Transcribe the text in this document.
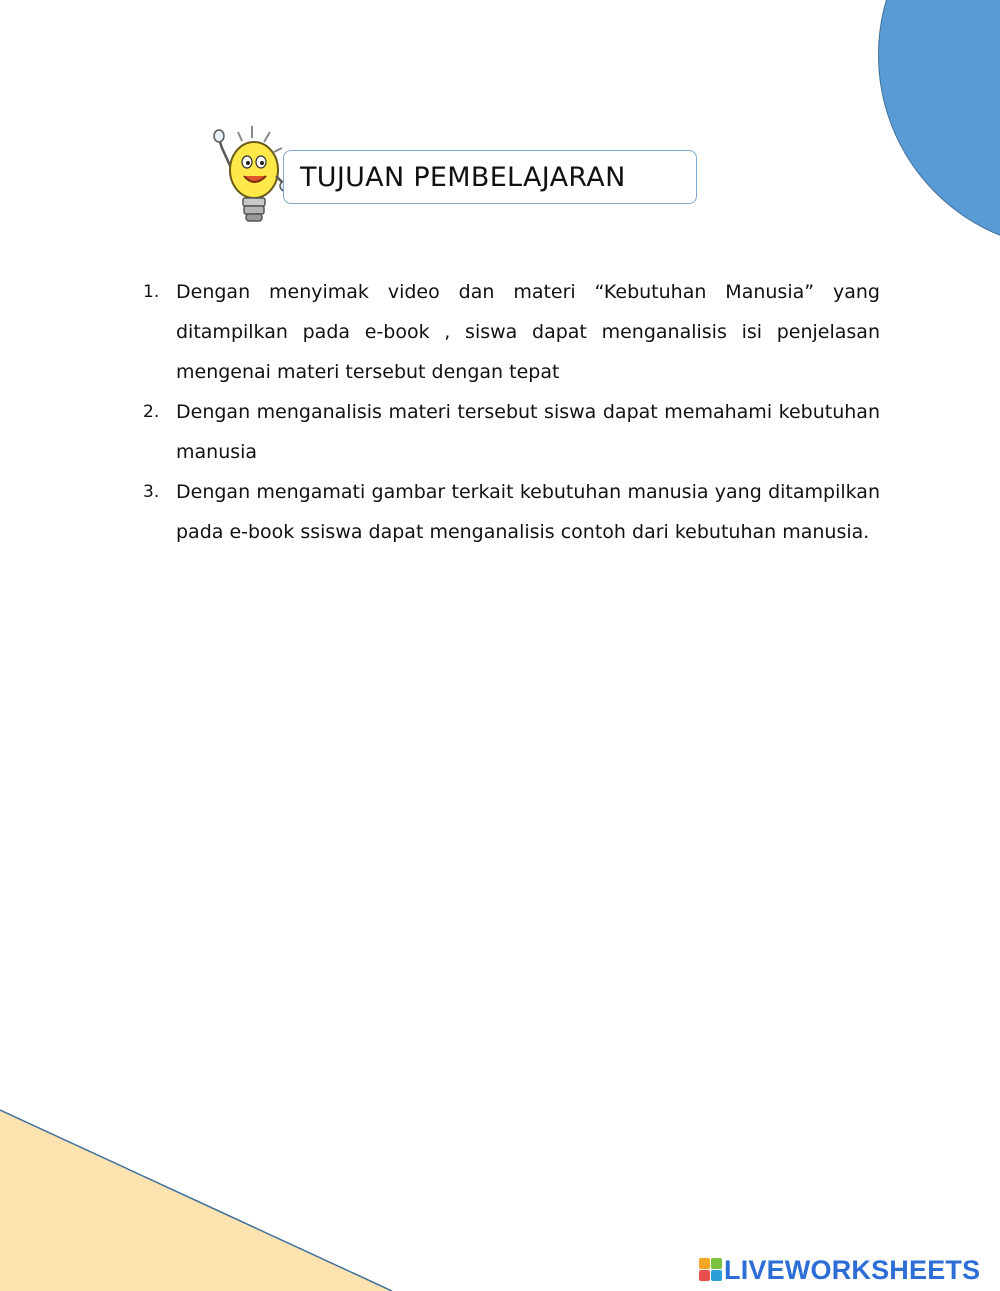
TUJUAN PEMBELAJARAN
1. Dengan menyimak video dan materi “Kebutuhan Manusia” yang ditampilkan pada e-book , siswa dapat menganalisis isi penjelasan mengenai materi tersebut dengan tepat
2. Dengan menganalisis materi tersebut siswa dapat memahami kebutuhan manusia
3. Dengan mengamati gambar terkait kebutuhan manusia yang ditampilkan pada e-book ssiswa dapat menganalisis contoh dari kebutuhan manusia.
LIVEWORKSHEETS
